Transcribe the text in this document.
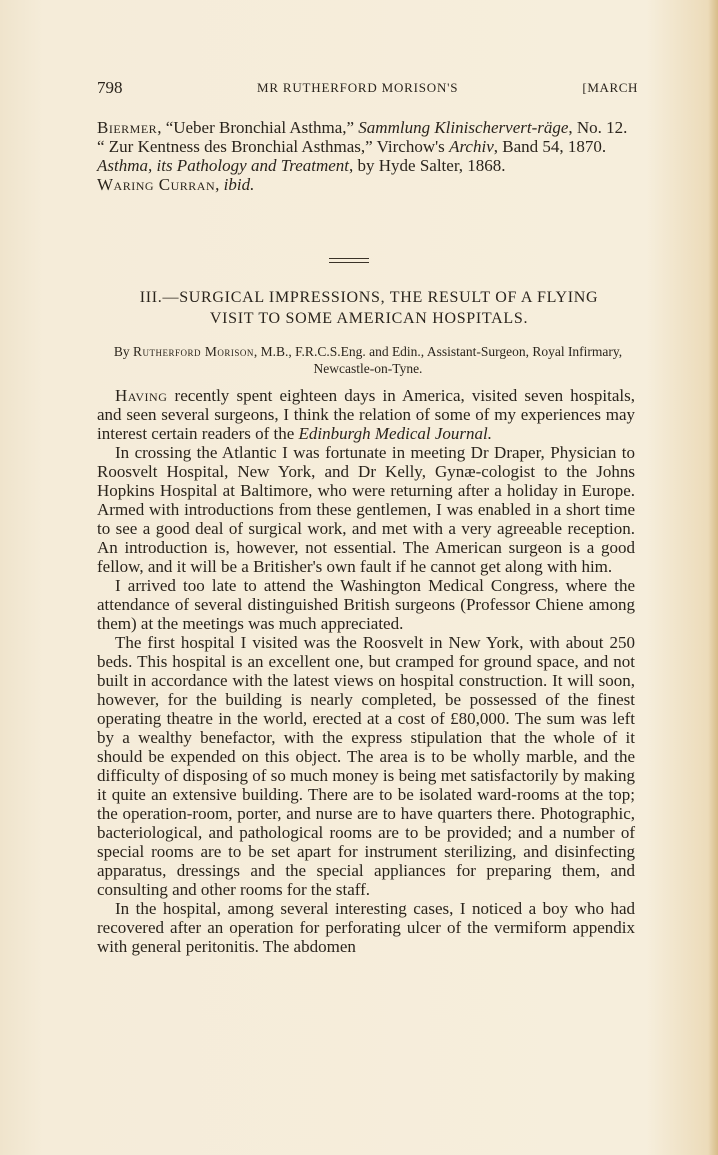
798	MR RUTHERFORD MORISON'S	[MARCH

Biermer, “Ueber Bronchial Asthma,” Sammlung Klinischervert-räge, No. 12.

“ Zur Kentness des Bronchial Asthmas,” Virchow's Archiv, Band 54, 1870.

Asthma, its Pathology and Treatment, by Hyde Salter, 1868.

Waring Curran, ibid.

III.—SURGICAL IMPRESSIONS, THE RESULT OF A FLYING
VISIT TO SOME AMERICAN HOSPITALS.
By Rutherford Morison, M.B., F.R.C.S.Eng. and Edin., Assistant-Surgeon, Royal Infirmary, Newcastle-on-Tyne.

Having recently spent eighteen days in America, visited seven hospitals, and seen several surgeons, I think the relation of some of my experiences may interest certain readers of the Edinburgh Medical Journal.

In crossing the Atlantic I was fortunate in meeting Dr Draper, Physician to Roosvelt Hospital, New York, and Dr Kelly, Gynæ-cologist to the Johns Hopkins Hospital at Baltimore, who were returning after a holiday in Europe. Armed with introductions from these gentlemen, I was enabled in a short time to see a good deal of surgical work, and met with a very agreeable reception. An introduction is, however, not essential. The American surgeon is a good fellow, and it will be a Britisher's own fault if he cannot get along with him.

I arrived too late to attend the Washington Medical Congress, where the attendance of several distinguished British surgeons (Professor Chiene among them) at the meetings was much appreciated.

The first hospital I visited was the Roosvelt in New York, with about 250 beds. This hospital is an excellent one, but cramped for ground space, and not built in accordance with the latest views on hospital construction. It will soon, however, for the building is nearly completed, be possessed of the finest operating theatre in the world, erected at a cost of £80,000. The sum was left by a wealthy benefactor, with the express stipulation that the whole of it should be expended on this object. The area is to be wholly marble, and the difficulty of disposing of so much money is being met satisfactorily by making it quite an extensive building. There are to be isolated ward-rooms at the top; the operation-room, porter, and nurse are to have quarters there. Photographic, bacteriological, and pathological rooms are to be provided; and a number of special rooms are to be set apart for instrument sterilizing, and disinfecting apparatus, dressings and the special appliances for preparing them, and consulting and other rooms for the staff.

In the hospital, among several interesting cases, I noticed a boy who had recovered after an operation for perforating ulcer of the vermiform appendix with general peritonitis. The abdomen
